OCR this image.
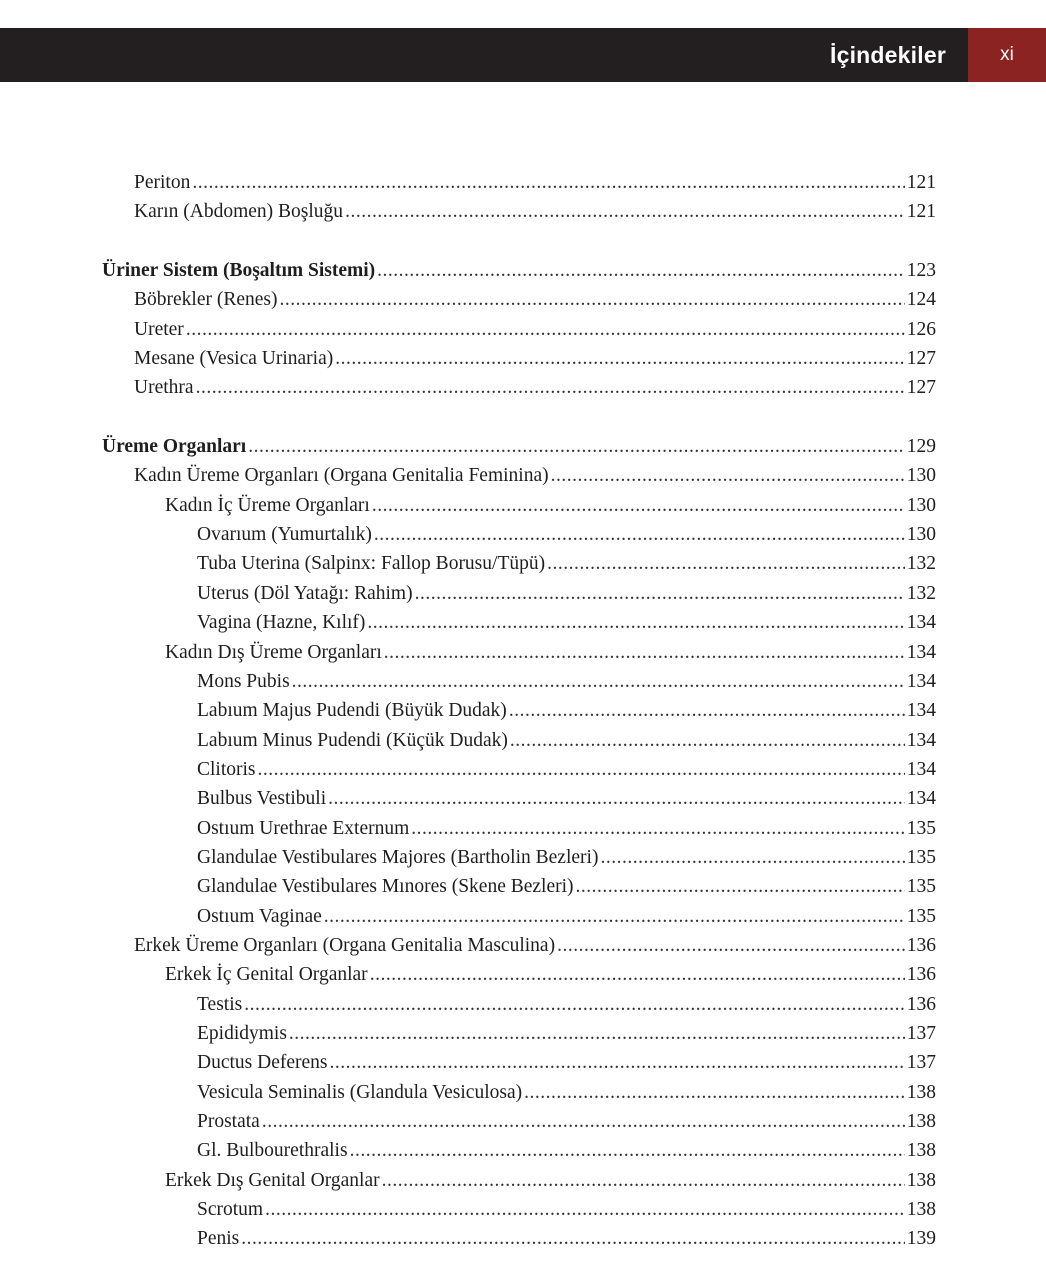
İçindekiler	xi
Periton .....	121
Karın (Abdomen) Boşluğu .....	121
Üriner Sistem (Boşaltım Sistemi) .....	123
Böbrekler (Renes) .....	124
Ureter .....	126
Mesane (Vesica Urinaria) .....	127
Urethra .....	127
Üreme Organları .....	129
Kadın Üreme Organları (Organa Genitalia Feminina) .....	130
Kadın İç Üreme Organları .....	130
Ovarıum (Yumurtalık) .....	130
Tuba Uterina (Salpinx: Fallop Borusu/Tüpü) .....	132
Uterus (Döl Yatağı: Rahim) .....	132
Vagina (Hazne, Kılıf) .....	134
Kadın Dış Üreme Organları .....	134
Mons Pubis .....	134
Labıum Majus Pudendi (Büyük Dudak) .....	134
Labıum Minus Pudendi (Küçük Dudak) .....	134
Clitoris .....	134
Bulbus Vestibuli .....	134
Ostıum Urethrae Externum .....	135
Glandulae Vestibulares Majores (Bartholin Bezleri) .....	135
Glandulae Vestibulares Mınores (Skene Bezleri) .....	135
Ostıum Vaginae .....	135
Erkek Üreme Organları (Organa Genitalia Masculina) .....	136
Erkek İç Genital Organlar .....	136
Testis .....	136
Epididymis .....	137
Ductus Deferens .....	137
Vesicula Seminalis (Glandula Vesiculosa) .....	138
Prostata .....	138
Gl. Bulbourethralis .....	138
Erkek Dış Genital Organlar .....	138
Scrotum .....	138
Penis .....	139
